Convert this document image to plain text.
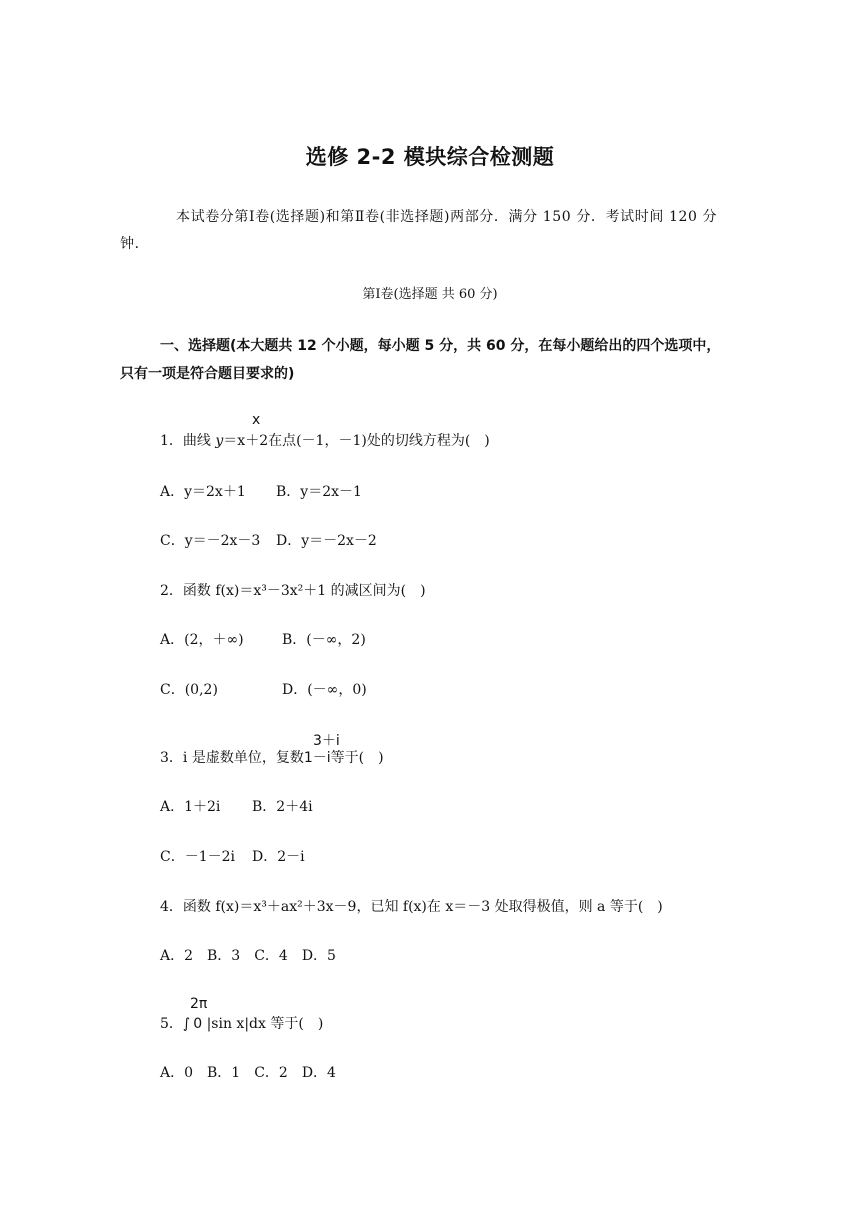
选修 2-2 模块综合检测题
本试卷分第Ⅰ卷(选择题)和第Ⅱ卷(非选择题)两部分．满分 150 分．考试时间 120 分钟．
第Ⅰ卷(选择题 共 60 分)
一、选择题(本大题共 12 个小题，每小题 5 分，共 60 分，在每小题给出的四个选项中，
只有一项是符合题目要求的)
x
1．曲线 y＝x＋2在点(－1，－1)处的切线方程为(　)
A．y＝2x＋1 B．y＝2x－1
C．y＝－2x－3 D．y＝－2x－2
2．函数 f(x)＝x³－3x²＋1 的减区间为(　)
A．(2，＋∞)	B．(－∞，2)
C．(0,2)	D．(－∞，0)
3＋i
3．i 是虚数单位，复数1－i等于(　)
A．1＋2i B．2＋4i
C．－1－2i D．2－i
4．函数 f(x)＝x³＋ax²＋3x－9，已知 f(x)在 x＝－3 处取得极值，则 a 等于(　)
A．2　B．3　C．4　D．5
2π
5．∫ 0 |sin x|dx 等于(　)
A．0　B．1　C．2　D．4
